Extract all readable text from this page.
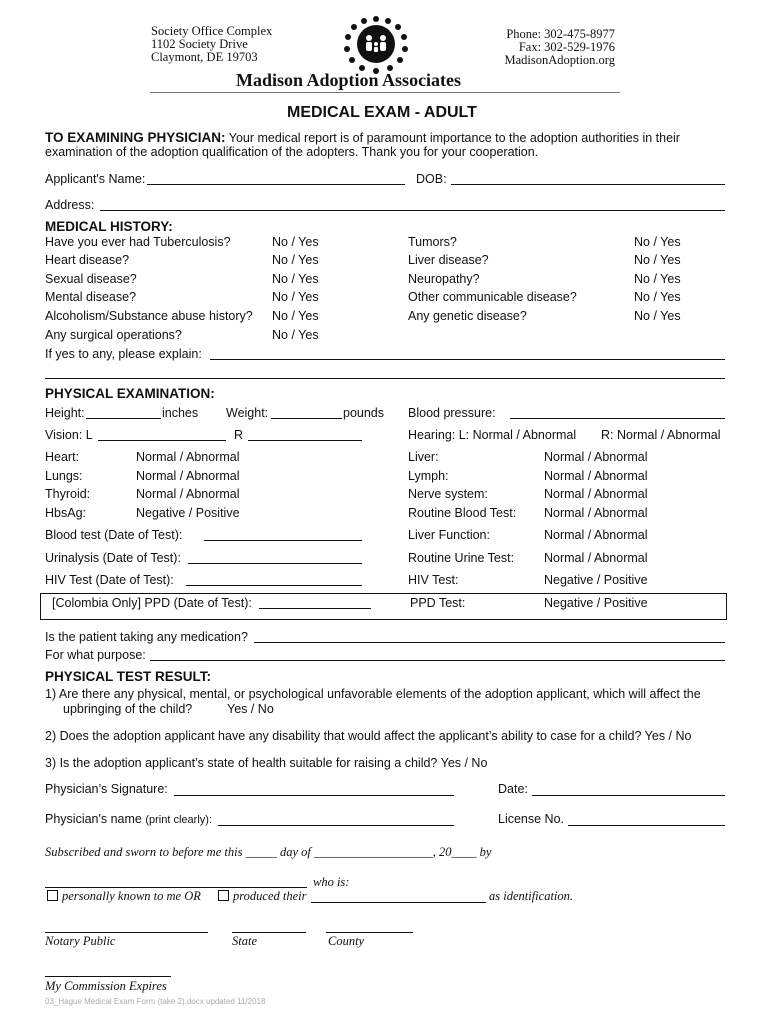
Society Office Complex
1102 Society Drive
Claymont, DE 19703
Phone: 302-475-8977
Fax: 302-529-1976
MadisonAdoption.org
Madison Adoption Associates
MEDICAL EXAM - ADULT
TO EXAMINING PHYSICIAN: Your medical report is of paramount importance to the adoption authorities in their
examination of the adoption qualification of the adopters. Thank you for your cooperation.
Applicant's Name:	DOB:
Address:
MEDICAL HISTORY:
Have you ever had Tuberculosis?	No / Yes
Heart disease?	No / Yes
Sexual disease?	No / Yes
Mental disease?	No / Yes
Alcoholism/Substance abuse history? No / Yes
Any surgical operations?	No / Yes
Tumors?	No / Yes
Liver disease?	No / Yes
Neuropathy?	No / Yes
Other communicable disease?	No / Yes
Any genetic disease?	No / Yes
If yes to any, please explain:
PHYSICAL EXAMINATION:
Height:	inches Weight:	pounds Blood pressure:
Vision: L	R	Hearing: L: Normal / Abnormal R: Normal / Abnormal
Heart:	Normal / Abnormal
Lungs:	Normal / Abnormal
Thyroid:	Normal / Abnormal
HbsAg:	Negative / Positive
Liver:	Normal / Abnormal
Lymph:	Normal / Abnormal
Nerve system:	Normal / Abnormal
Routine Blood Test: Normal / Abnormal
Blood test (Date of Test):	Liver Function:	Normal / Abnormal
Urinalysis (Date of Test):	Routine Urine Test: Normal / Abnormal
HIV Test (Date of Test):	HIV Test:	Negative / Positive
[Colombia Only] PPD (Date of Test):	PPD Test:	Negative / Positive
Is the patient taking any medication?
For what purpose:
PHYSICAL TEST RESULT:
1) Are there any physical, mental, or psychological unfavorable elements of the adoption applicant, which will affect the
upbringing of the child?	Yes / No
2) Does the adoption applicant have any disability that would affect the applicant’s ability to case for a child? Yes / No
3) Is the adoption applicant’s state of health suitable for raising a child? Yes / No
Physician’s Signature:	Date:
Physician's name (print clearly):	License No.
Subscribed and sworn to before me this _____ day of ___________________, 20____ by
who is:
personally known to me OR	produced their	as identification.
Notary Public	State	County
My Commission Expires
03_Hague Medical Exam Form (take 2).docx updated 11/2018
